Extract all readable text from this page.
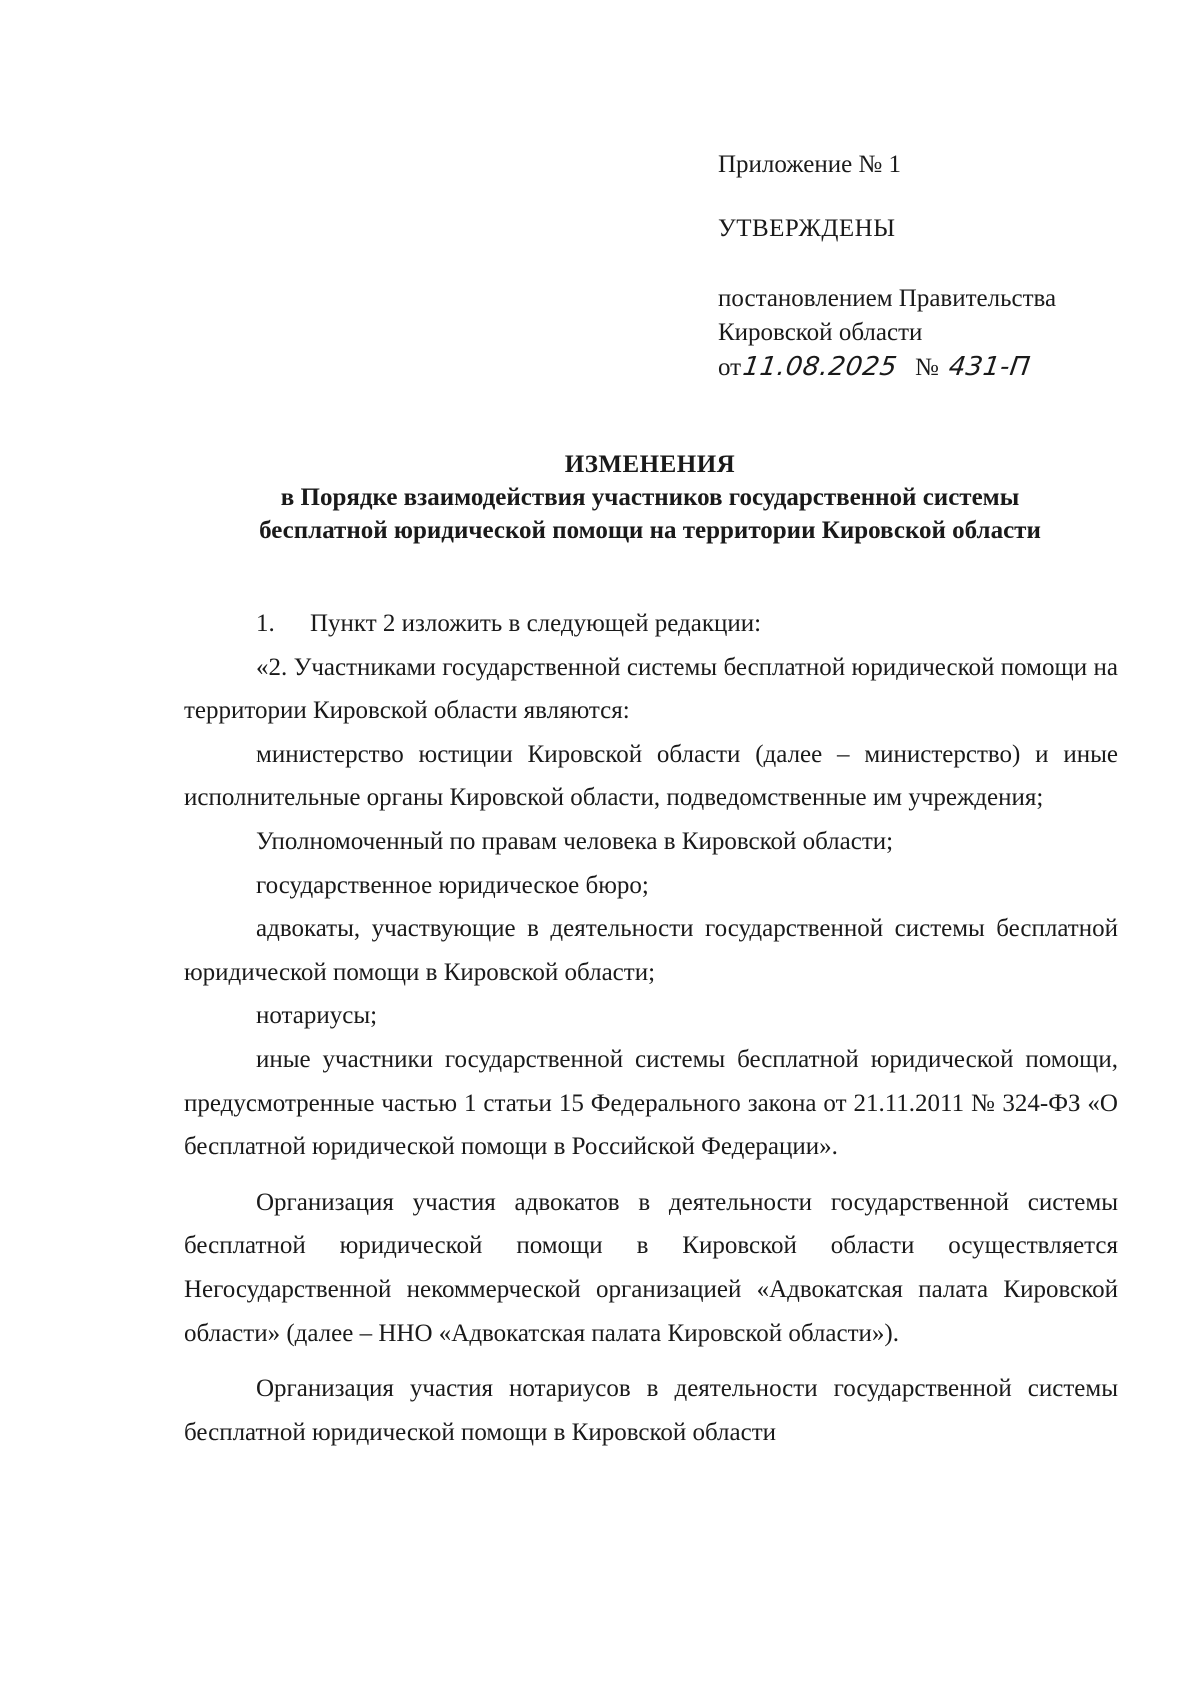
Приложение № 1

УТВЕРЖДЕНЫ

постановлением Правительства
Кировской области
от11.08.2025 № 431-П
ИЗМЕНЕНИЯ
в Порядке взаимодействия участников государственной системы
бесплатной юридической помощи на территории Кировской области

1. Пункт 2 изложить в следующей редакции:

«2. Участниками государственной системы бесплатной юридической помощи на территории Кировской области являются:

министерство юстиции Кировской области (далее – министерство) и иные исполнительные органы Кировской области, подведомственные им учреждения;

Уполномоченный по правам человека в Кировской области;

государственное юридическое бюро;

адвокаты, участвующие в деятельности государственной системы бесплатной юридической помощи в Кировской области;

нотариусы;

иные участники государственной системы бесплатной юридической помощи, предусмотренные частью 1 статьи 15 Федерального закона от 21.11.2011 № 324-ФЗ «О бесплатной юридической помощи в Российской Федерации».

Организация участия адвокатов в деятельности государственной системы бесплатной юридической помощи в Кировской области осуществляется Негосударственной некоммерческой организацией «Адвокатская палата Кировской области» (далее – ННО «Адвокатская палата Кировской области»).

Организация участия нотариусов в деятельности государственной системы бесплатной юридической помощи в Кировской области
